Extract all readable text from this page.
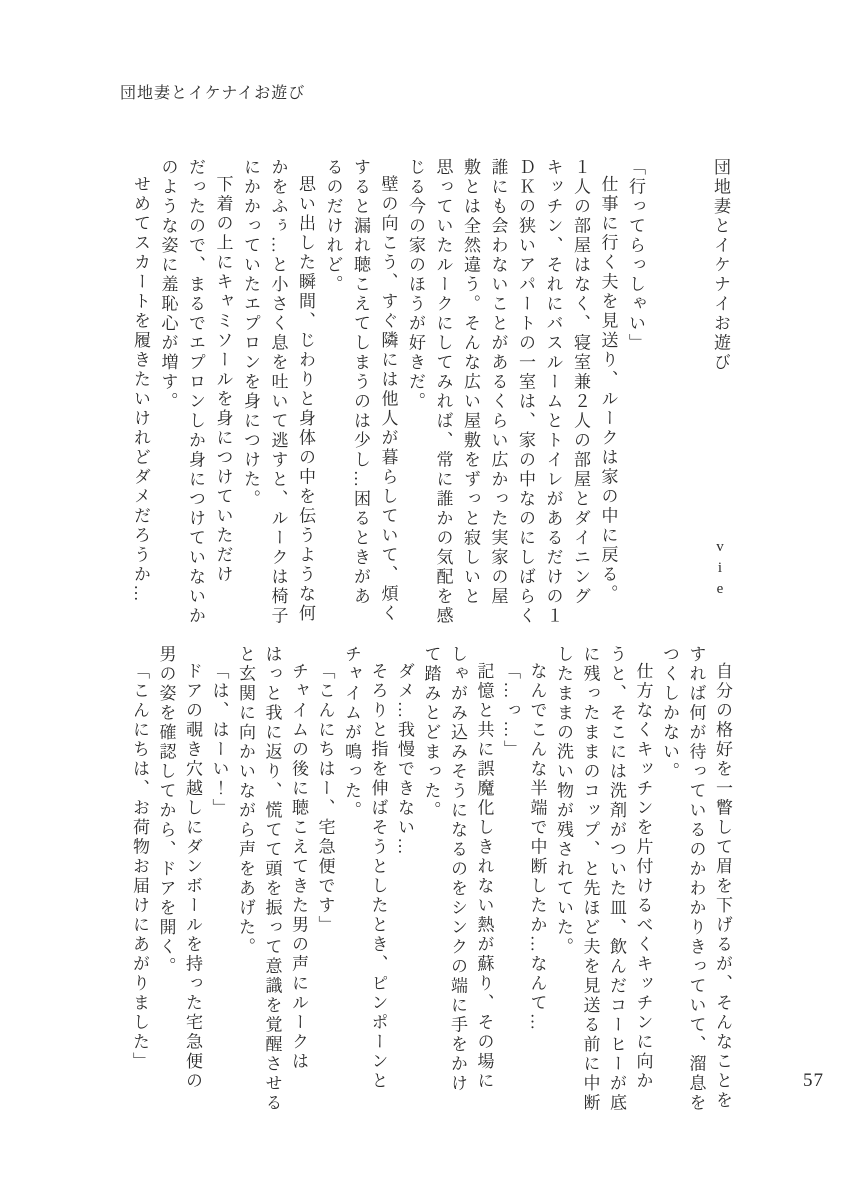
団地妻とイケナイお遊び

団地妻とイケナイお遊び vie

「行ってらっしゃい」

仕事に行く夫を見送り、ルークは家の中に戻る。

１人の部屋はなく、寝室兼２人の部屋とダイニング

キッチン、それにバスルームとトイレがあるだけの１

ＤＫの狭いアパートの一室は、家の中なのにしばらく

誰にも会わないことがあるくらい広かった実家の屋

敷とは全然違う。そんな広い屋敷をずっと寂しいと

思っていたルークにしてみれば、常に誰かの気配を感

じる今の家のほうが好きだ。

壁の向こう、すぐ隣には他人が暮らしていて、煩く

すると漏れ聴こえてしまうのは少し…困るときがあ

るのだけれど。

思い出した瞬間、じわりと身体の中を伝うような何

かをふぅ…と小さく息を吐いて逃すと、ルークは椅子

にかかっていたエプロンを身につけた。

下着の上にキャミソールを身につけていただけ

だったので、まるでエプロンしか身につけていないか

のような姿に羞恥心が増す。

せめてスカートを履きたいけれどダメだろうか…

自分の格好を一瞥して眉を下げるが、そんなことを

すれば何が待っているのかわかりきっていて、溜息を

つくしかない。

仕方なくキッチンを片付けるべくキッチンに向か

うと、そこには洗剤がついた皿、飲んだコーヒーが底

に残ったままのコップ、と先ほど夫を見送る前に中断

したままの洗い物が残されていた。

なんでこんな半端で中断したか…なんて…

「…っ…」

記憶と共に誤魔化しきれない熱が蘇り、その場に

しゃがみ込みそうになるのをシンクの端に手をかけ

て踏みとどまった。

ダメ…我慢できない…

そろりと指を伸ばそうとしたとき、ピンポーンと

チャイムが鳴った。

「こんにちはー、宅急便です」

チャイムの後に聴こえてきた男の声にルークは

はっと我に返り、慌てて頭を振って意識を覚醒させる

と玄関に向かいながら声をあげた。

「は、はーい！」

ドアの覗き穴越しにダンボールを持った宅急便の

男の姿を確認してから、ドアを開く。

「こんにちは、お荷物お届けにあがりました」

57
